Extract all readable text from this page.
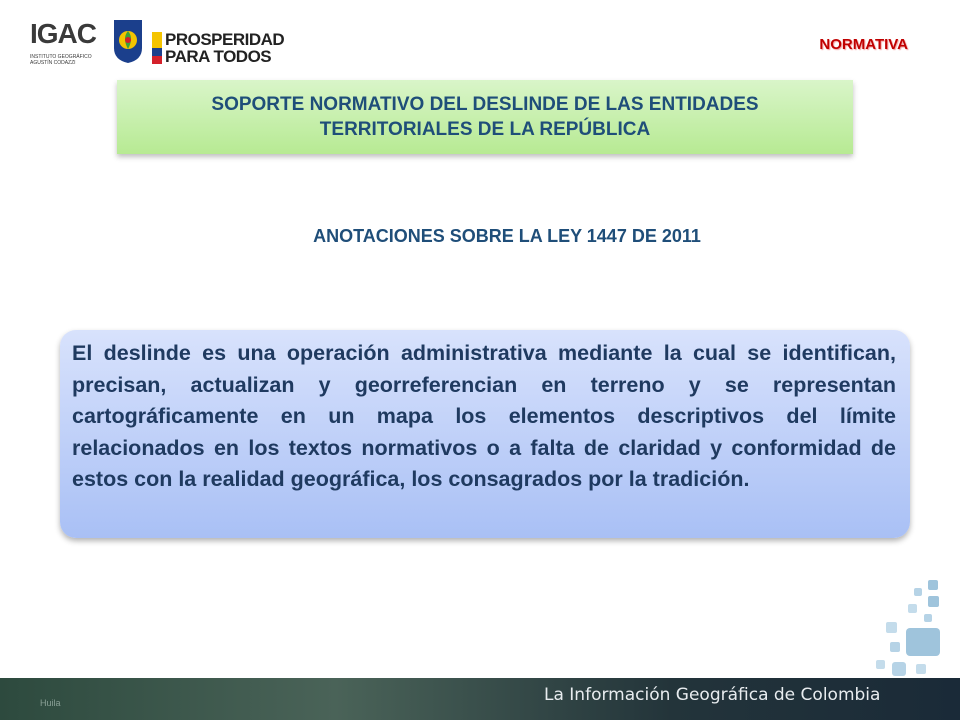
IGAC
INSTITUTO GEOGRÁFICO
AGUSTÍN CODAZZI
PROSPERIDAD
PARA TODOS
NORMATIVA
SOPORTE NORMATIVO DEL DESLINDE DE LAS ENTIDADES TERRITORIALES DE LA REPÚBLICA
ANOTACIONES SOBRE LA LEY 1447 DE 2011
El deslinde es una operación administrativa mediante la cual se identifican, precisan, actualizan y georreferencian en terreno y se representan cartográficamente en un mapa los elementos descriptivos del límite relacionados en los textos normativos o a falta de claridad y conformidad de estos con la realidad geográfica, los consagrados por la tradición.
Huila	La Información Geográfica de Colombia
